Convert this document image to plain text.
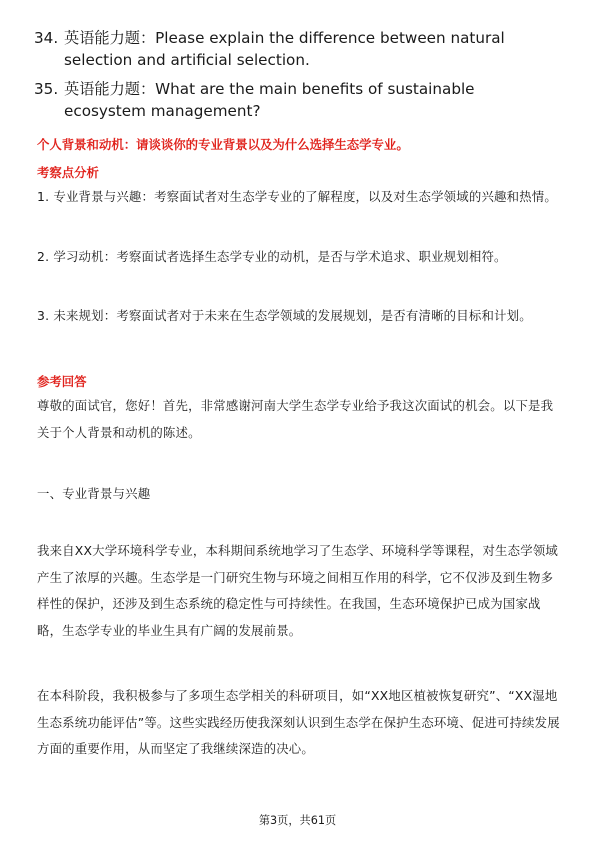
34. 英语能力题：Please explain the difference between natural selection and artificial selection.
35. 英语能力题：What are the main benefits of sustainable ecosystem management?
个人背景和动机：请谈谈你的专业背景以及为什么选择生态学专业。
考察点分析
1. 专业背景与兴趣：考察面试者对生态学专业的了解程度，以及对生态学领域的兴趣和热情。
2. 学习动机：考察面试者选择生态学专业的动机，是否与学术追求、职业规划相符。
3. 未来规划：考察面试者对于未来在生态学领域的发展规划，是否有清晰的目标和计划。
参考回答
尊敬的面试官，您好！首先，非常感谢河南大学生态学专业给予我这次面试的机会。以下是我关于个人背景和动机的陈述。
一、专业背景与兴趣
我来自XX大学环境科学专业，本科期间系统地学习了生态学、环境科学等课程，对生态学领域产生了浓厚的兴趣。生态学是一门研究生物与环境之间相互作用的科学，它不仅涉及到生物多样性的保护，还涉及到生态系统的稳定性与可持续性。在我国，生态环境保护已成为国家战略，生态学专业的毕业生具有广阔的发展前景。
在本科阶段，我积极参与了多项生态学相关的科研项目，如“XX地区植被恢复研究”、“XX湿地生态系统功能评估”等。这些实践经历使我深刻认识到生态学在保护生态环境、促进可持续发展方面的重要作用，从而坚定了我继续深造的决心。
第3页，共61页
